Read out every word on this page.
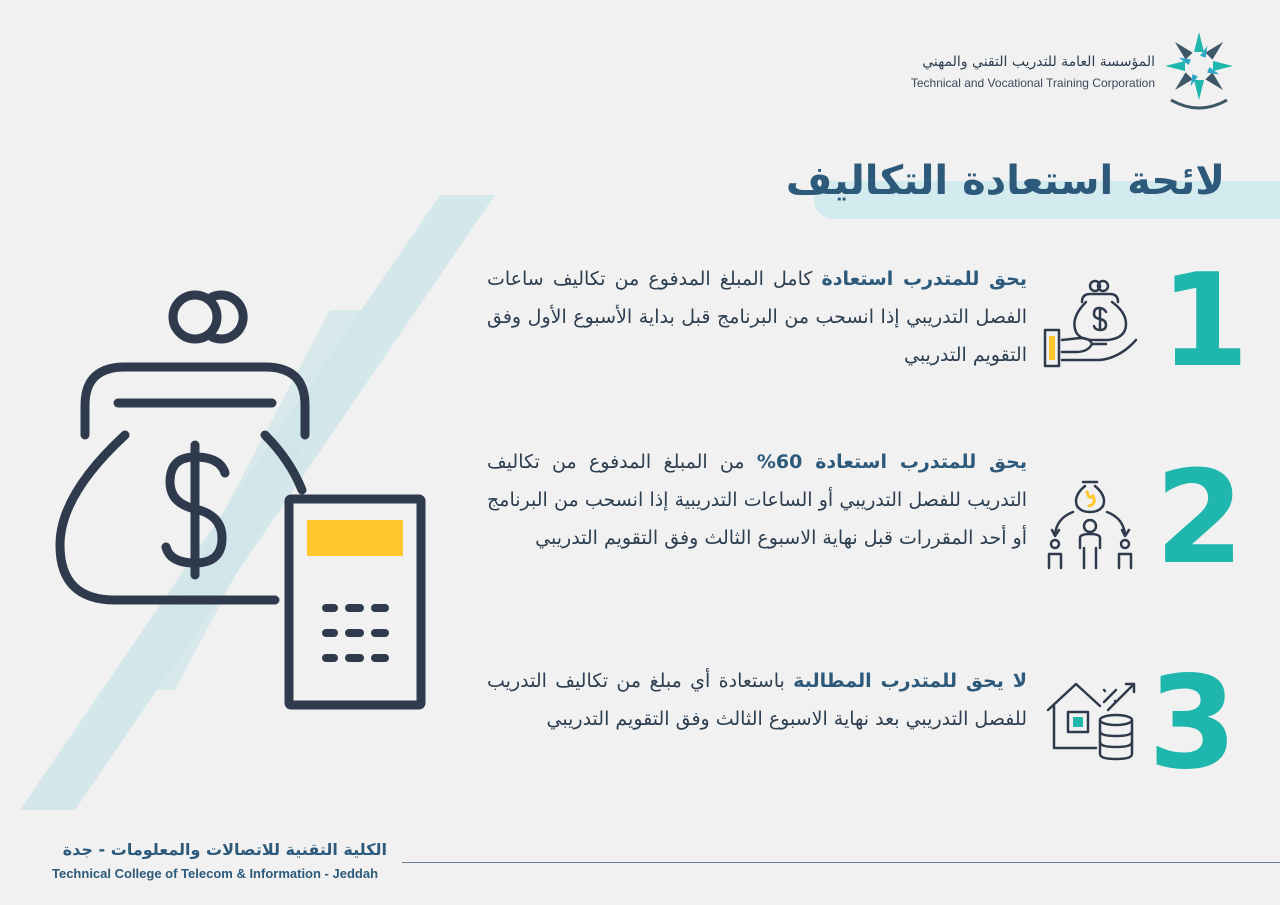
المؤسسة العامة للتدريب التقني والمهني
Technical and Vocational Training Corporation
لائحة استعادة التكاليف
يحق للمتدرب استعادة كامل المبلغ المدفوع من تكاليف ساعات الفصل التدريبي إذا انسحب من البرنامج قبل بداية الأسبوع الأول وفق التقويم التدريبي 1
يحق للمتدرب استعادة 60% من المبلغ المدفوع من تكاليف التدريب للفصل التدريبي أو الساعات التدريبية إذا انسحب من البرنامج أو أحد المقررات قبل نهاية الاسبوع الثالث وفق التقويم التدريبي 2
لا يحق للمتدرب المطالبة باستعادة أي مبلغ من تكاليف التدريب للفصل التدريبي بعد نهاية الاسبوع الثالث وفق التقويم التدريبي 3
الكلية التقنية للاتصالات والمعلومات - جدة
Technical College of Telecom & Information - Jeddah
